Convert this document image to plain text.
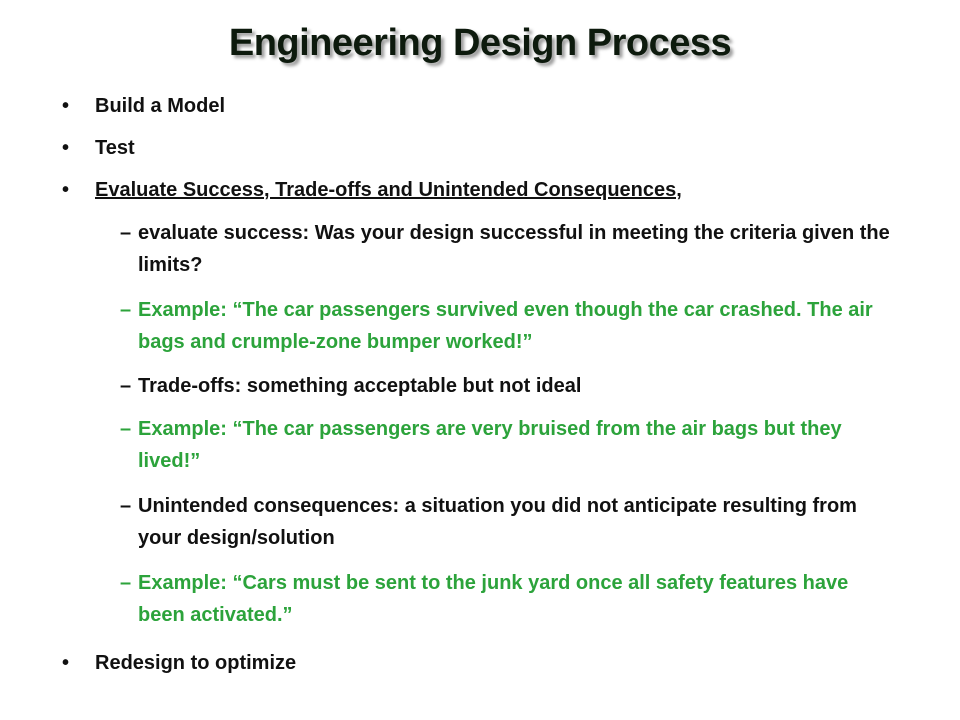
Engineering Design Process
• Build a Model
• Test
• Evaluate Success, Trade-offs and Unintended Consequences,
– evaluate success: Was your design successful in meeting the criteria given the limits?
– Example: “The car passengers survived even though the car crashed. The air bags and crumple-zone bumper worked!”
– Trade-offs: something acceptable but not ideal
– Example: “The car passengers are very bruised from the air bags but they lived!”
– Unintended consequences: a situation you did not anticipate resulting from your design/solution
– Example: “Cars must be sent to the junk yard once all safety features have been activated.”
• Redesign to optimize
